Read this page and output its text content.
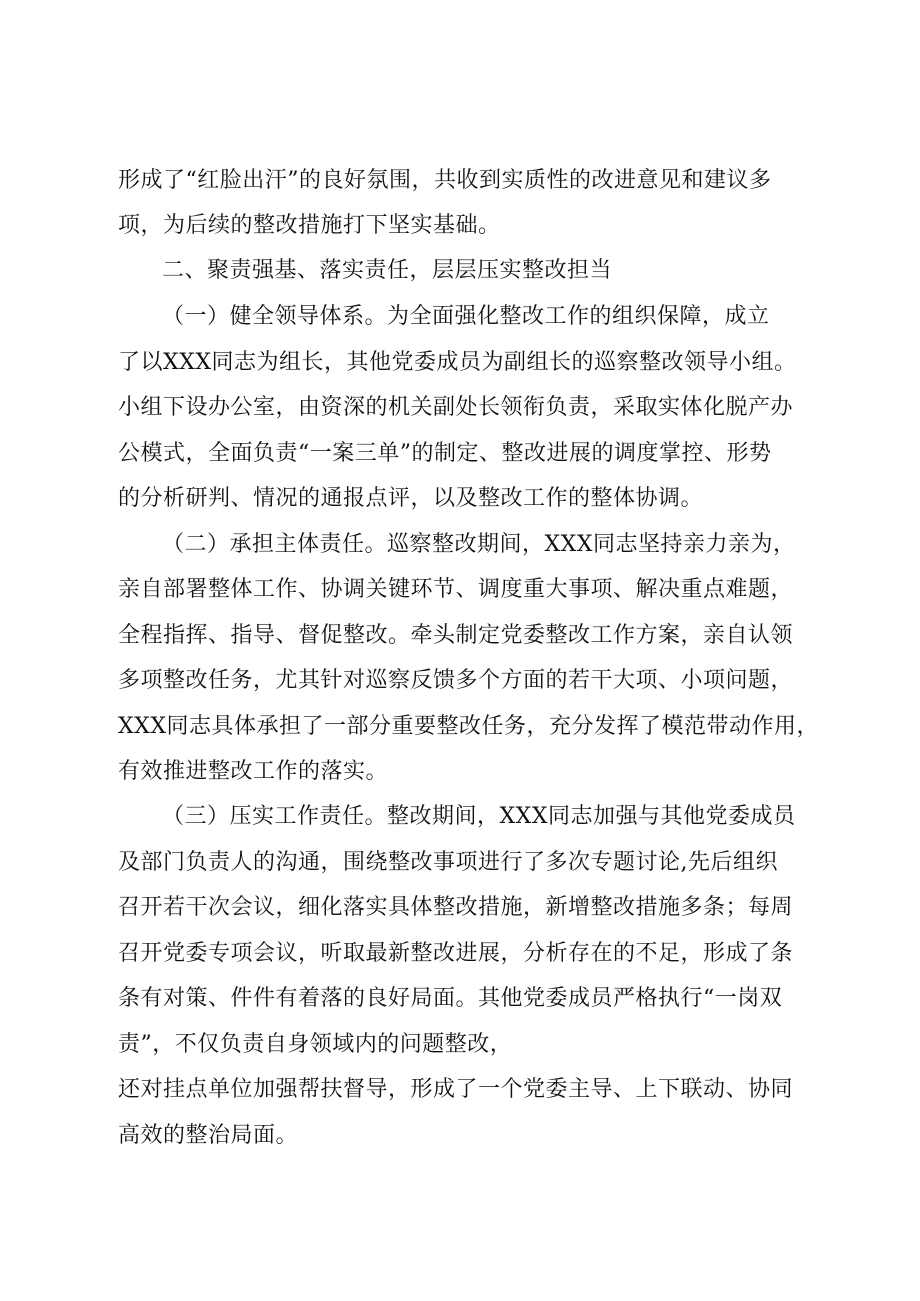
形成了“红脸出汗”的良好氛围，共收到实质性的改进意见和建议多
项，为后续的整改措施打下坚实基础。
二、聚责强基、落实责任，层层压实整改担当
（一）健全领导体系。为全面强化整改工作的组织保障，成立
了以XXX同志为组长，其他党委成员为副组长的巡察整改领导小组。
小组下设办公室，由资深的机关副处长领衔负责，采取实体化脱产办
公模式，全面负责“一案三单”的制定、整改进展的调度掌控、形势
的分析研判、情况的通报点评，以及整改工作的整体协调。
（二）承担主体责任。巡察整改期间，XXX同志坚持亲力亲为，
亲自部署整体工作、协调关键环节、调度重大事项、解决重点难题，
全程指挥、指导、督促整改。牵头制定党委整改工作方案，亲自认领
多项整改任务，尤其针对巡察反馈多个方面的若干大项、小项问题，
XXX同志具体承担了一部分重要整改任务，充分发挥了模范带动作用，
有效推进整改工作的落实。
（三）压实工作责任。整改期间，XXX同志加强与其他党委成员
及部门负责人的沟通，围绕整改事项进行了多次专题讨论,先后组织
召开若干次会议，细化落实具体整改措施，新增整改措施多条；每周
召开党委专项会议，听取最新整改进展，分析存在的不足，形成了条
条有对策、件件有着落的良好局面。其他党委成员严格执行“一岗双
责”，不仅负责自身领域内的问题整改，
还对挂点单位加强帮扶督导，形成了一个党委主导、上下联动、协同
高效的整治局面。
